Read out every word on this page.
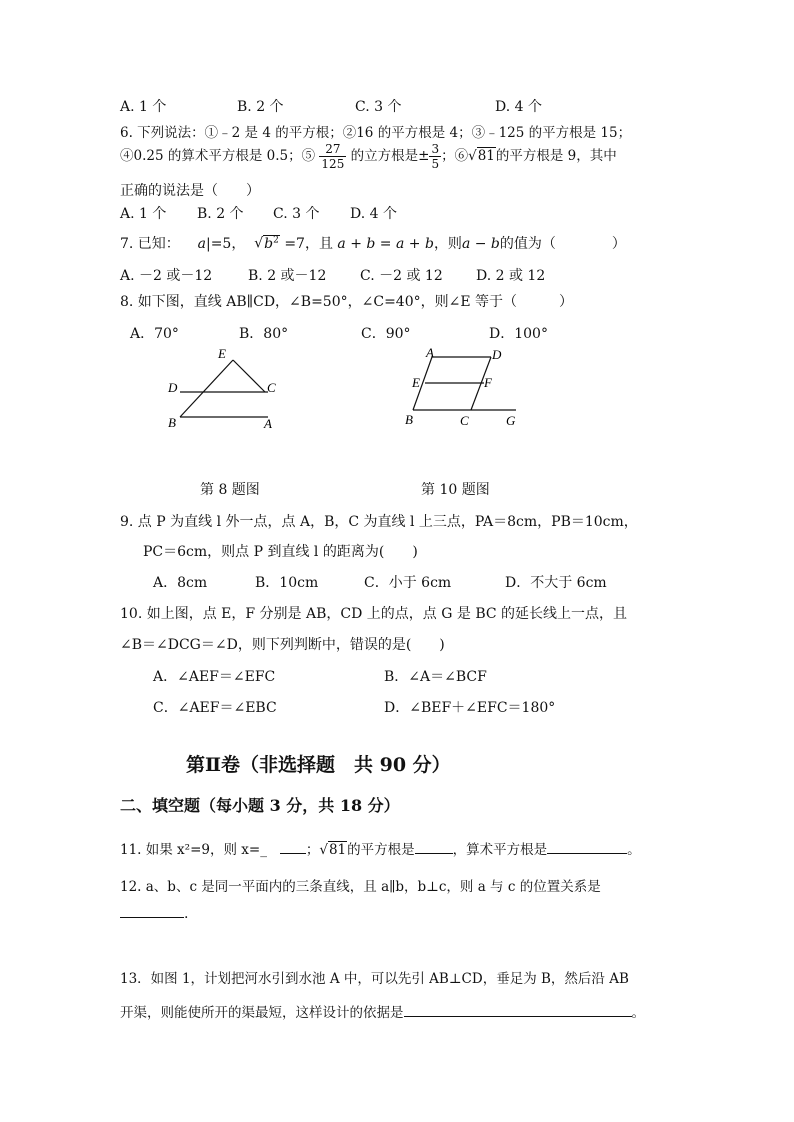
A. 1 个	B. 2 个	C. 3 个	D. 4 个
6. 下列说法：①﹣2 是 4 的平方根；②16 的平方根是 4；③﹣125 的平方根是 15；
④0.25 的算术平方根是 0.5；⑤ $\frac{27}{125}$ 的立方根是± $\frac{3}{5}$ ；⑥√81的平方根是 9，其中
正确的说法是（　　）
A. 1 个 B. 2 个 C. 3 个 D. 4 个
7. 已知： a|=5， $√b^2 =7$，且 a + b = a + b，则a − b的值为（　　　　）
A. －2 或－12	B. 2 或－12 C. －2 或 12 D. 2 或 12
8. 如下图，直线 AB∥CD，∠B=50°，∠C=40°，则∠E 等于（　　　）
A．70°	B．80°	C．90°	D．100°
E
D	C
B	A
A	D
E	F
B	C	G
第 8 题图	第 10 题图
9. 点 P 为直线 l 外一点，点 A，B，C 为直线 l 上三点，PA＝8cm，PB＝10cm，
PC＝6cm，则点 P 到直线 l 的距离为(　　)
A．8cm	B．10cm	C．小于 6cm	D．不大于 6cm
10. 如上图，点 E，F 分别是 AB，CD 上的点，点 G 是 BC 的延长线上一点，且
∠B＝∠DCG＝∠D，则下列判断中，错误的是(　　)
A．∠AEF＝∠EFC	B．∠A＝∠BCF
C．∠AEF＝∠EBC	D．∠BEF＋∠EFC＝180°
第Ⅱ卷（非选择题　共 90 分）
二、填空题（每小题 3 分，共 18 分）
11. 如果 x²=9，则 x=_	；√81的平方根是	，算术平方根是	。
12. a、b、c 是同一平面内的三条直线，且 a∥b，b⊥c，则 a 与 c 的位置关系是
.
13．如图 1，计划把河水引到水池 A 中，可以先引 AB⊥CD，垂足为 B，然后沿 AB
开渠，则能使所开的渠最短，这样设计的依据是	。
